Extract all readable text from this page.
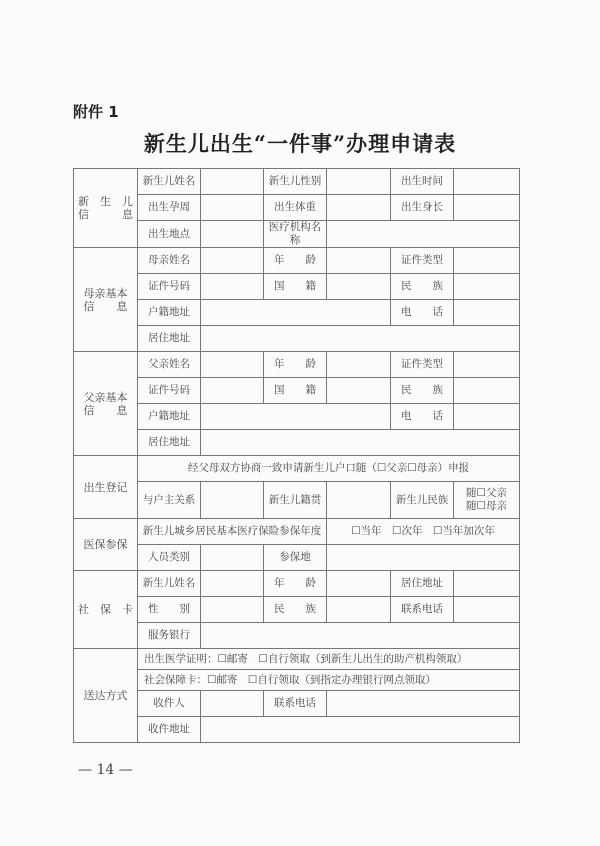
附件 1
新生儿出生“一件事”办理申请表
新　生　儿
信　　　息	新生儿姓名		新生儿性别		出生时间	
	出生孕周		出生体重		出生身长	
	出生地点		医疗机构名称			
母亲基本
信　　息	母亲姓名		年　　龄		证件类型	
	证件号码		国　　籍		民　　族	
	户籍地址				电　　话	
	居住地址					
父亲基本
信　　息	父亲姓名		年　　龄		证件类型	
	证件号码		国　　籍		民　　族	
	户籍地址				电　　话	
	居住地址					
出生登记	经父母双方协商一致申请新生儿户口随（☐父亲☐母亲）申报					
	与户主关系		新生儿籍贯		新生儿民族	随☐父亲
随☐母亲
医保参保	新生儿城乡居民基本医疗保险参保年度			☐当年　☐次年　☐当年加次年		
	人员类别		参保地			
社　保　卡	新生儿姓名		年　　龄		居住地址	
	性　　别		民　　族		联系电话	
	服务银行					
送达方式	出生医学证明：☐邮寄　☐自行领取（到新生儿出生的助产机构领取）					
	社会保障卡：☐邮寄　☐自行领取（到指定办理银行网点领取）					
	收件人		联系电话			
	收件地址					
— 14 —
